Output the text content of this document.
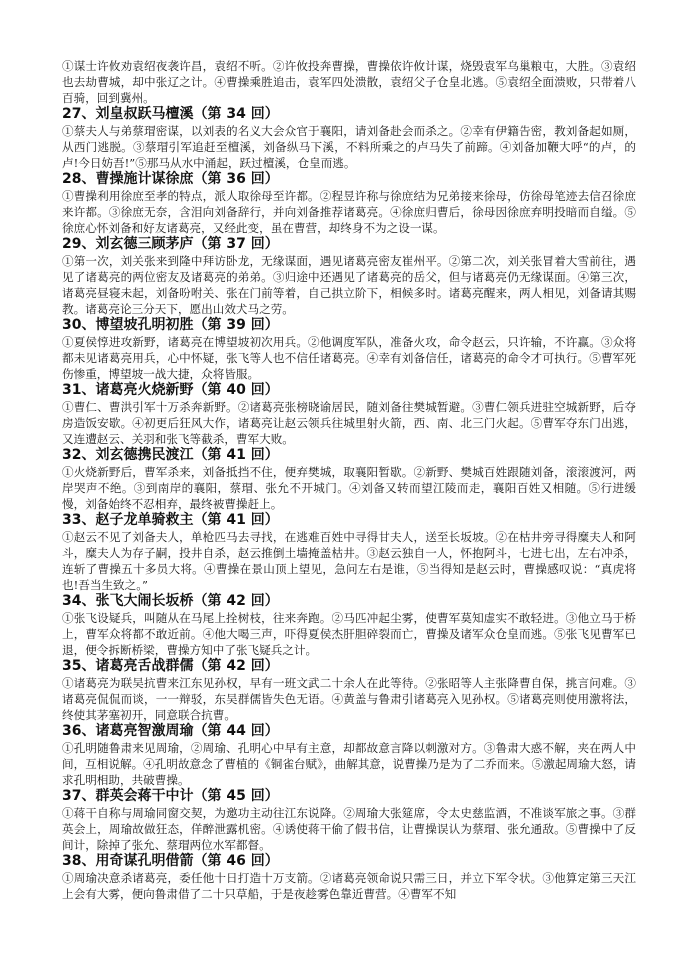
①谋士许攸劝袁绍夜袭许昌，袁绍不听。②许攸投奔曹操，曹操依许攸计谋，烧毁袁军乌巢粮屯，大胜。③袁绍也去劫曹城，却中张辽之计。④曹操乘胜追击，袁军四处溃散，袁绍父子仓皇北逃。⑤袁绍全面溃败，只带着八百骑，回到冀州。

27、刘皇叔跃马檀溪（第 34 回）

①蔡夫人与弟蔡瑁密谋，以刘表的名义大会众官于襄阳，请刘备赴会而杀之。②幸有伊籍告密，教刘备起如厕，从西门逃脱。③蔡瑁引军追赶至檀溪，刘备纵马下溪，不料所乘之的卢马失了前蹄。④刘备加鞭大呼“的卢，的卢!今日妨吾!”⑤那马从水中涌起，跃过檀溪，仓皇而逃。

28、曹操施计谋徐庶（第 36 回）

①曹操利用徐庶至孝的特点，派人取徐母至许都。②程昱许称与徐庶结为兄弟接来徐母，仿徐母笔迹去信召徐庶来许都。③徐庶无奈，含泪向刘备辞行，并向刘备推荐诸葛亮。④徐庶归曹后，徐母因徐庶弃明投暗而自缢。⑤徐庶心怀刘备和好友诸葛亮，又经此变，虽在曹营，却终身不为之设一谋。

29、刘玄德三顾茅庐（第 37 回）

①第一次，刘关张来到隆中拜访卧龙，无缘谋面，遇见诸葛亮密友崔州平。②第二次，刘关张冒着大雪前往，遇见了诸葛亮的两位密友及诸葛亮的弟弟。③归途中还遇见了诸葛亮的岳父，但与诸葛亮仍无缘谋面。④第三次，诸葛亮昼寝未起，刘备吩咐关、张在门前等着，自己拱立阶下，相候多时。诸葛亮醒来，两人相见，刘备请其赐教。诸葛亮论三分天下，愿出山效犬马之劳。

30、博望坡孔明初胜（第 39 回）

①夏侯惇进攻新野，诸葛亮在博望坡初次用兵。②他调度军队，准备火攻，命令赵云，只许输，不许赢。③众将都未见诸葛亮用兵，心中怀疑，张飞等人也不信任诸葛亮。④幸有刘备信任，诸葛亮的命令才可执行。⑤曹军死伤惨重，博望坡一战大捷，众将皆服。

31、诸葛亮火烧新野（第 40 回）

①曹仁、曹洪引军十万杀奔新野。②诸葛亮张榜晓谕居民，随刘备往樊城暂避。③曹仁领兵进驻空城新野，后夺房造饭安歇。④初更后狂风大作，诸葛亮让赵云领兵往城里射火箭，西、南、北三门火起。⑤曹军夺东门出逃，又连遭赵云、关羽和张飞等截杀，曹军大败。

32、刘玄德携民渡江（第 41 回）

①火烧新野后，曹军杀来，刘备抵挡不住，便弃樊城，取襄阳暂歇。②新野、樊城百姓跟随刘备，滚滚渡河，两岸哭声不绝。③到南岸的襄阳，蔡瑁、张允不开城门。④刘备又转而望江陵而走，襄阳百姓又相随。⑤行进缓慢，刘备始终不忍相弃，最终被曹操赶上。

33、赵子龙单骑救主（第 41 回）

①赵云不见了刘备夫人，单枪匹马去寻找，在逃难百姓中寻得甘夫人，送至长坂坡。②在枯井旁寻得糜夫人和阿斗，糜夫人为存子嗣，投井自杀，赵云推倒土墙掩盖枯井。③赵云独自一人，怀抱阿斗，七进七出，左右冲杀，连斩了曹操五十多员大将。④曹操在景山顶上望见，急问左右是谁，⑤当得知是赵云时，曹操感叹说：“真虎将也!吾当生致之。”

34、张飞大闹长坂桥（第 42 回）

①张飞设疑兵，叫随从在马尾上拴树枝，往来奔跑。②马匹冲起尘雾，使曹军莫知虚实不敢轻进。③他立马于桥上，曹军众将都不敢近前。④他大喝三声，吓得夏侯杰肝胆碎裂而亡，曹操及诸军众仓皇而逃。⑤张飞见曹军已退，便令拆断桥梁，曹操方知中了张飞疑兵之计。

35、诸葛亮舌战群儒（第 42 回）

①诸葛亮为联吴抗曹来江东见孙权，早有一班文武二十余人在此等待。②张昭等人主张降曹自保，挑言问难。③诸葛亮侃侃而谈，一一辩驳，东吴群儒皆失色无语。④黄盖与鲁肃引诸葛亮入见孙权。⑤诸葛亮则使用激将法，终使其茅塞初开，同意联合抗曹。

36、诸葛亮智激周瑜（第 44 回）

①孔明随鲁肃来见周瑜，②周瑜、孔明心中早有主意，却都故意言降以刺激对方。③鲁肃大惑不解，夹在两人中间，互相说解。④孔明故意念了曹植的《铜雀台赋》，曲解其意，说曹操乃是为了二乔而来。⑤激起周瑜大怒，请求孔明相助，共破曹操。

37、群英会蒋干中计（第 45 回）

①蒋干自称与周瑜同窗交契，为邀功主动往江东说降。②周瑜大张筵席，令太史慈监酒，不准谈军旅之事。③群英会上，周瑜故做狂态，佯醉泄露机密。④诱使蒋干偷了假书信，让曹操误认为蔡瑁、张允通敌。⑤曹操中了反间计，除掉了张允、蔡瑁两位水军都督。

38、用奇谋孔明借箭（第 46 回）

①周瑜决意杀诸葛亮，委任他十日打造十万支箭。②诸葛亮领命说只需三日，并立下军令状。③他算定第三天江上会有大雾，便向鲁肃借了二十只草船，于是夜趁雾色靠近曹营。④曹军不知
